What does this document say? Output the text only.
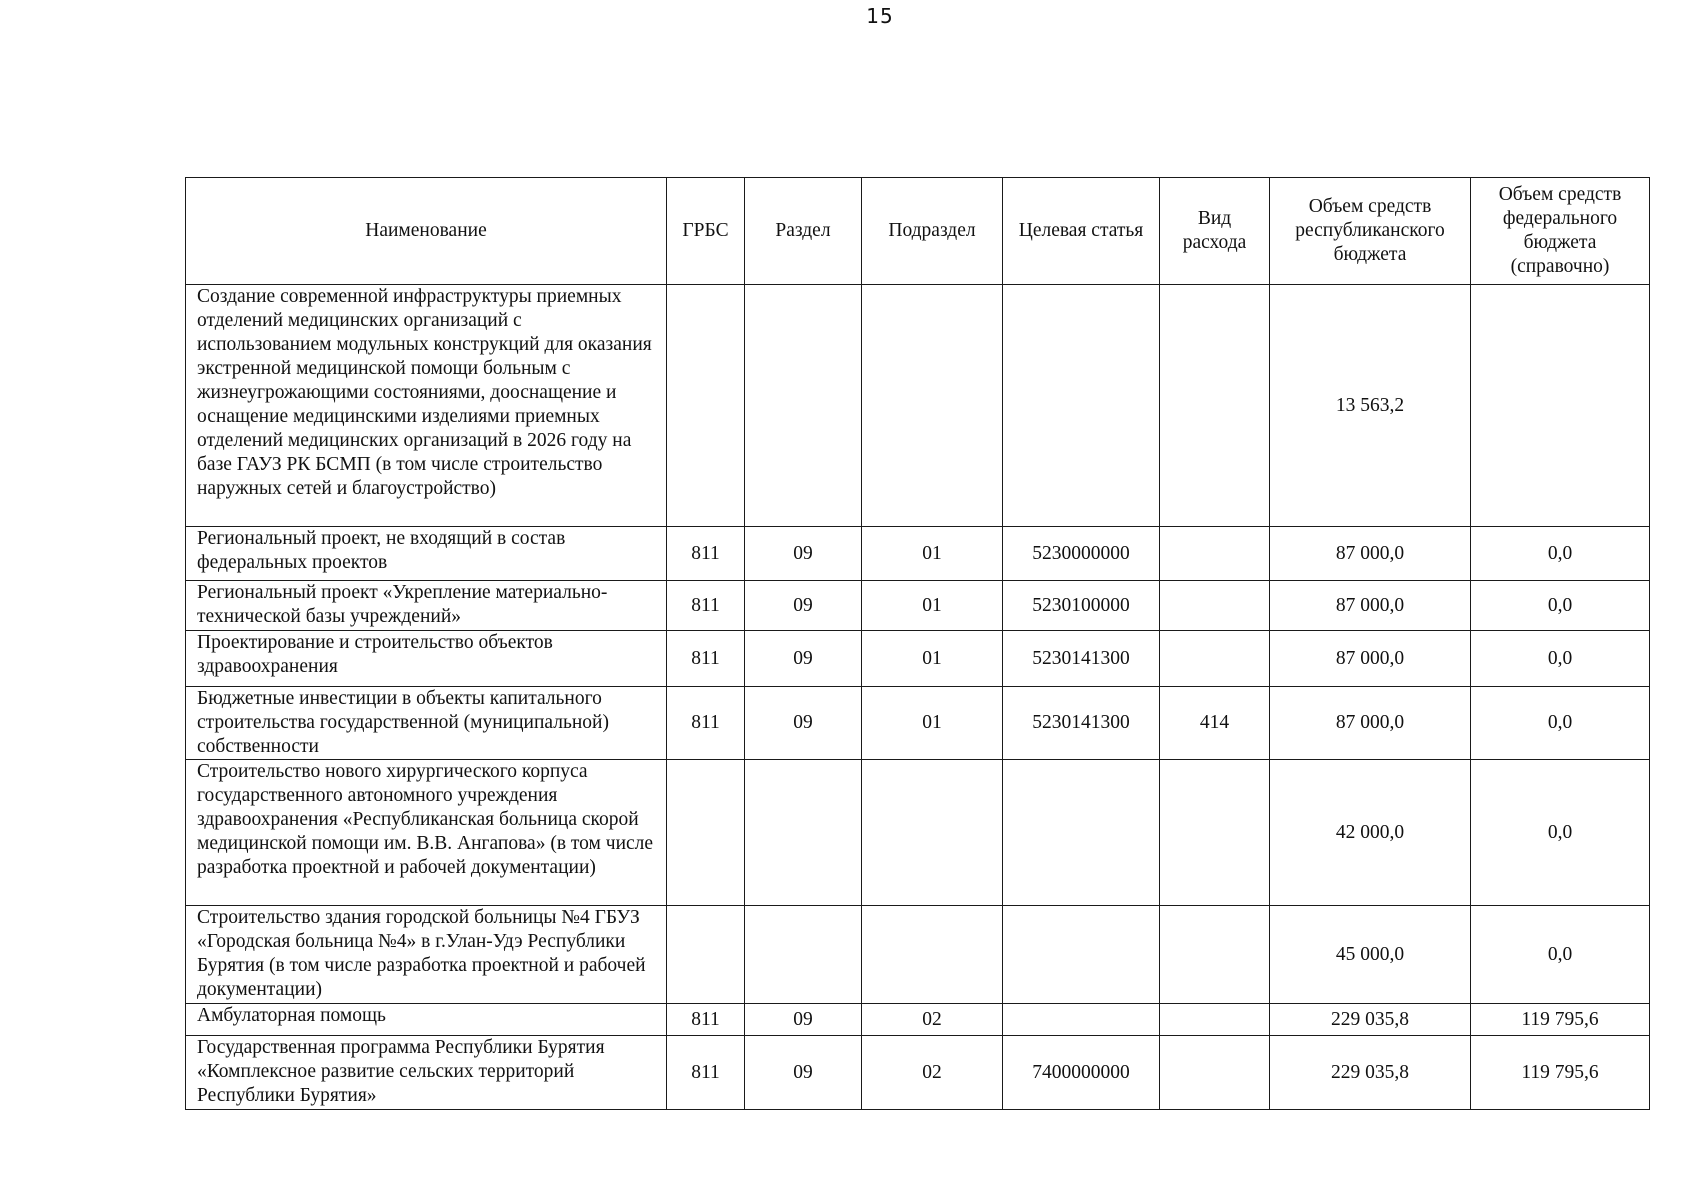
15
Наименование	ГРБС	Раздел	Подраздел	Целевая статья	Вид расхода	Объем средств республиканского бюджета	Объем средств федерального бюджета (справочно)
Создание современной инфраструктуры приемных отделений медицинских организаций с использованием модульных конструкций для оказания экстренной медицинской помощи больным с жизнеугрожающими состояниями, дооснащение и оснащение медицинскими изделиями приемных отделений медицинских организаций в 2026 году на базе ГАУЗ РК БСМП (в том числе строительство наружных сетей и благоустройство)						13 563,2	
Региональный проект, не входящий в состав федеральных проектов	811	09	01	5230000000		87 000,0	0,0
Региональный проект «Укрепление материально-технической базы учреждений»	811	09	01	5230100000		87 000,0	0,0
Проектирование и строительство объектов здравоохранения	811	09	01	5230141300		87 000,0	0,0
Бюджетные инвестиции в объекты капитального строительства государственной (муниципальной) собственности	811	09	01	5230141300	414	87 000,0	0,0
Строительство нового хирургического корпуса государственного автономного учреждения здравоохранения «Республиканская больница скорой медицинской помощи им. В.В. Ангапова» (в том числе разработка проектной и рабочей документации)						42 000,0	0,0
Строительство здания городской больницы №4 ГБУЗ «Городская больница №4» в г.Улан-Удэ Республики Бурятия (в том числе разработка проектной и рабочей документации)						45 000,0	0,0
Амбулаторная помощь	811	09	02			229 035,8	119 795,6
Государственная программа Республики Бурятия «Комплексное развитие сельских территорий Республики Бурятия»	811	09	02	7400000000		229 035,8	119 795,6
